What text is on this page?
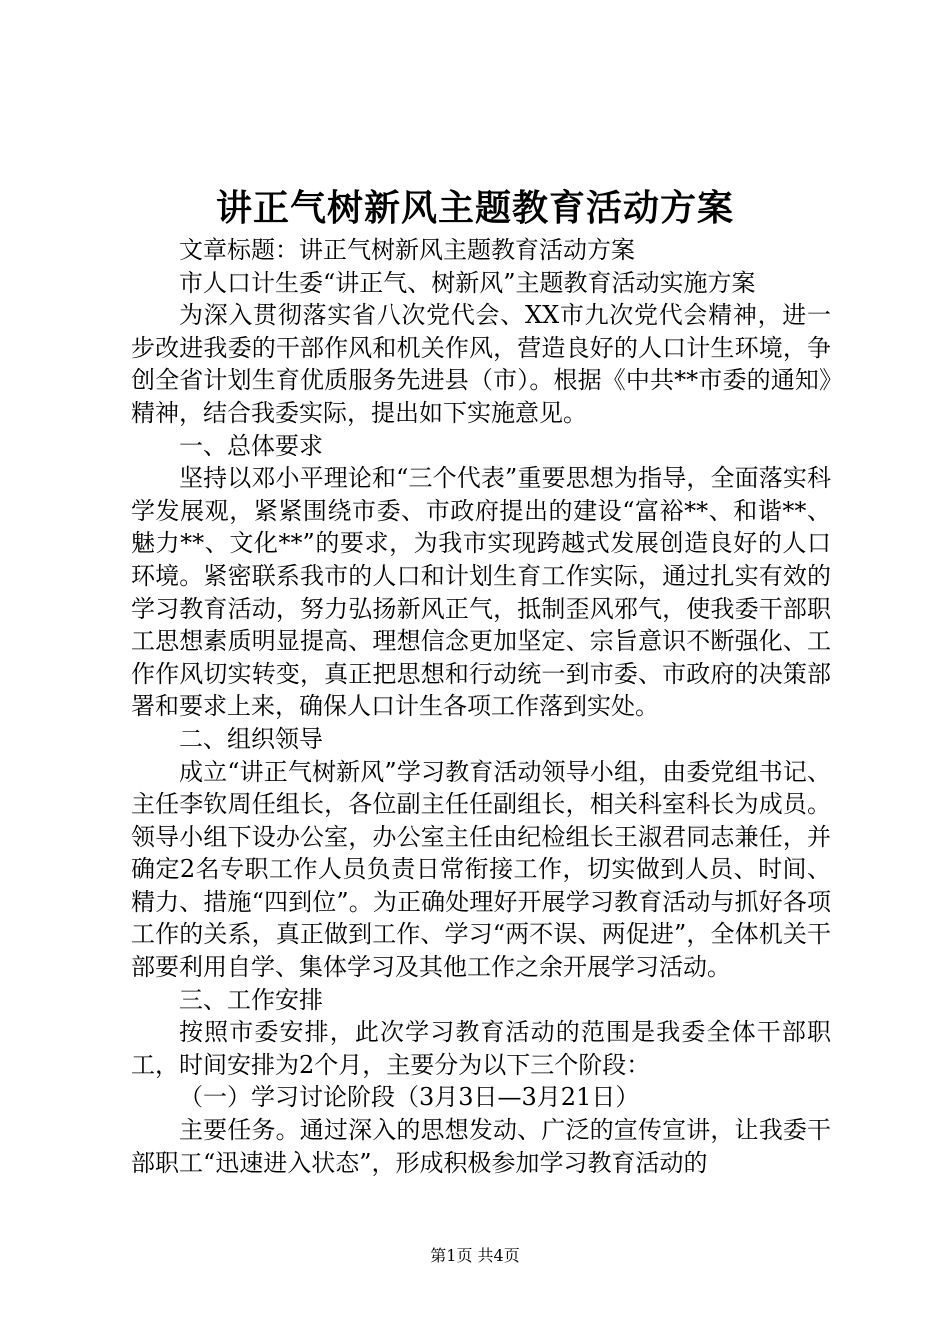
讲正气树新风主题教育活动方案

文章标题：讲正气树新风主题教育活动方案

市人口计生委“讲正气、树新风”主题教育活动实施方案

为深入贯彻落实省八次党代会、XX市九次党代会精神，进一步改进我委的干部作风和机关作风，营造良好的人口计生环境，争创全省计划生育优质服务先进县（市）。根据《中共**市委的通知》精神，结合我委实际，提出如下实施意见。

一、总体要求

坚持以邓小平理论和“三个代表”重要思想为指导，全面落实科学发展观，紧紧围绕市委、市政府提出的建设“富裕**、和谐**、魅力**、文化**”的要求，为我市实现跨越式发展创造良好的人口环境。紧密联系我市的人口和计划生育工作实际，通过扎实有效的学习教育活动，努力弘扬新风正气，抵制歪风邪气，使我委干部职工思想素质明显提高、理想信念更加坚定、宗旨意识不断强化、工作作风切实转变，真正把思想和行动统一到市委、市政府的决策部署和要求上来，确保人口计生各项工作落到实处。

二、组织领导

成立“讲正气树新风”学习教育活动领导小组，由委党组书记、主任李钦周任组长，各位副主任任副组长，相关科室科长为成员。领导小组下设办公室，办公室主任由纪检组长王淑君同志兼任，并确定2名专职工作人员负责日常衔接工作，切实做到人员、时间、精力、措施“四到位”。为正确处理好开展学习教育活动与抓好各项工作的关系，真正做到工作、学习“两不误、两促进”，全体机关干部要利用自学、集体学习及其他工作之余开展学习活动。

三、工作安排

按照市委安排，此次学习教育活动的范围是我委全体干部职工，时间安排为2个月，主要分为以下三个阶段：

（一）学习讨论阶段（3月3日—3月21日）

主要任务。通过深入的思想发动、广泛的宣传宣讲，让我委干部职工“迅速进入状态”，形成积极参加学习教育活动的

第1页 共4页
